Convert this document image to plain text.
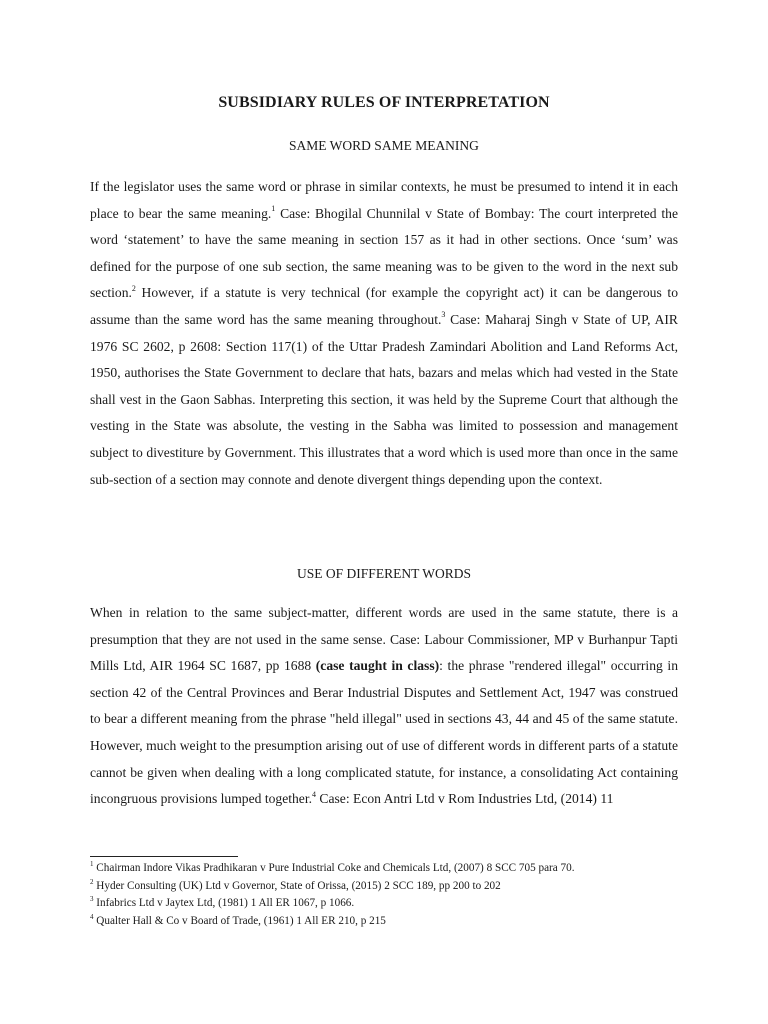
SUBSIDIARY RULES OF INTERPRETATION
SAME WORD SAME MEANING

If the legislator uses the same word or phrase in similar contexts, he must be presumed to intend it in each place to bear the same meaning.$^1$ Case: Bhogilal Chunnilal v State of Bombay: The court interpreted the word ‘statement’ to have the same meaning in section 157 as it had in other sections. Once ‘sum’ was defined for the purpose of one sub section, the same meaning was to be given to the word in the next sub section.$^2$ However, if a statute is very technical (for example the copyright act) it can be dangerous to assume than the same word has the same meaning throughout.$^3$ Case: Maharaj Singh v State of UP, AIR 1976 SC 2602, p 2608: Section 117(1) of the Uttar Pradesh Zamindari Abolition and Land Reforms Act, 1950, authorises the State Government to declare that hats, bazars and melas which had vested in the State shall vest in the Gaon Sabhas. Interpreting this section, it was held by the Supreme Court that although the vesting in the State was absolute, the vesting in the Sabha was limited to possession and management subject to divestiture by Government. This illustrates that a word which is used more than once in the same sub-section of a section may connote and denote divergent things depending upon the context.

USE OF DIFFERENT WORDS

When in relation to the same subject-matter, different words are used in the same statute, there is a presumption that they are not used in the same sense. Case: Labour Commissioner, MP v Burhanpur Tapti Mills Ltd, AIR 1964 SC 1687, pp 1688 (case taught in class): the phrase "rendered illegal" occurring in section 42 of the Central Provinces and Berar Industrial Disputes and Settlement Act, 1947 was construed to bear a different meaning from the phrase "held illegal" used in sections 43, 44 and 45 of the same statute. However, much weight to the presumption arising out of use of different words in different parts of a statute cannot be given when dealing with a long complicated statute, for instance, a consolidating Act containing incongruous provisions lumped together.$^4$ Case: Econ Antri Ltd v Rom Industries Ltd, (2014) 11

$^1$ Chairman Indore Vikas Pradhikaran v Pure Industrial Coke and Chemicals Ltd, (2007) 8 SCC 705 para 70.
$^2$ Hyder Consulting (UK) Ltd v Governor, State of Orissa, (2015) 2 SCC 189, pp 200 to 202
$^3$ Infabrics Ltd v Jaytex Ltd, (1981) 1 All ER 1067, p 1066.
$^4$ Qualter Hall & Co v Board of Trade, (1961) 1 All ER 210, p 215
